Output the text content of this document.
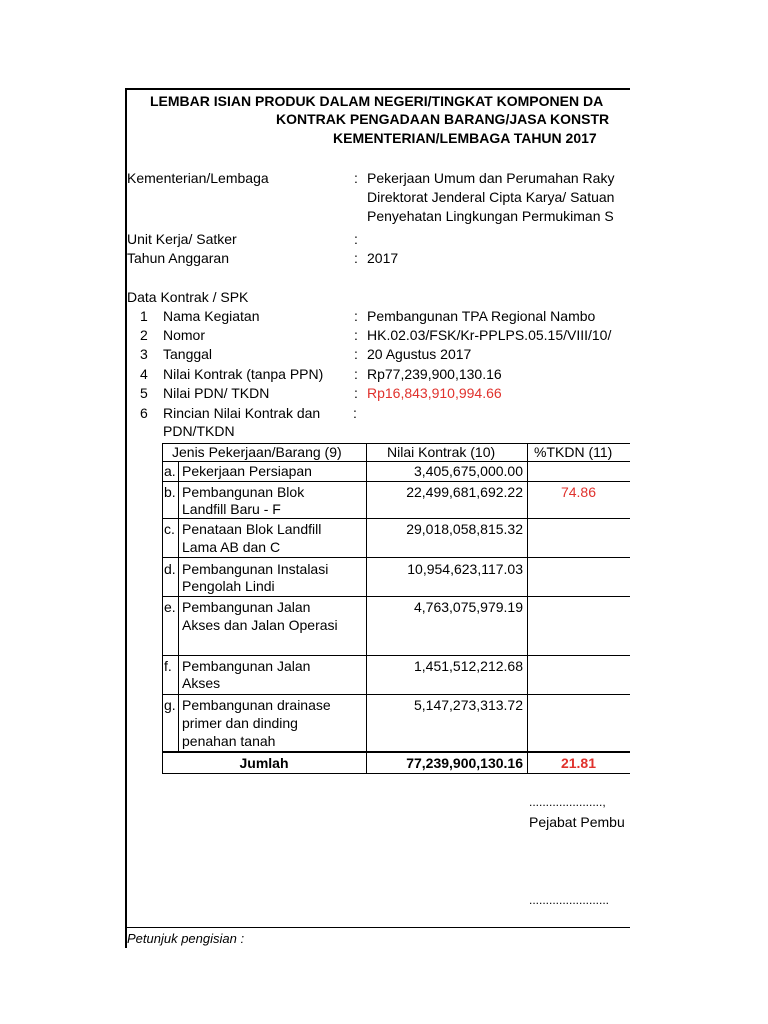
LEMBAR ISIAN PRODUK DALAM NEGERI/TINGKAT KOMPONEN DA
KONTRAK PENGADAAN BARANG/JASA KONSTR
KEMENTERIAN/LEMBAGA TAHUN 2017
Kementerian/Lembaga	: Pekerjaan Umum dan Perumahan Raky
Direktorat Jenderal Cipta Karya/ Satuan
Penyehatan Lingkungan Permukiman S
Unit Kerja/ Satker	:
Tahun Anggaran	: 2017
Data Kontrak / SPK
1 Nama Kegiatan	: Pembangunan TPA Regional Nambo
2 Nomor	: HK.02.03/FSK/Kr-PPLPS.05.15/VIII/10/
3 Tanggal	: 20 Agustus 2017
4 Nilai Kontrak (tanpa PPN) : Rp77,239,900,130.16
5 Nilai PDN/ TKDN	: Rp16,843,910,994.66
6 Rincian Nilai Kontrak dan :
PDN/TKDN
Jenis Pekerjaan/Barang (9)	Nilai Kontrak (10)	%TKDN (11)
a. Pekerjaan Persiapan	3,405,675,000.00
b. Pembangunan Blok
Landfill Baru - F
22,499,681,692.22	74.86
c. Penataan Blok Landfill
Lama AB dan C
29,018,058,815.32
d. Pembangunan Instalasi
Pengolah Lindi
10,954,623,117.03
e. Pembangunan Jalan
Akses dan Jalan Operasi
4,763,075,979.19
f. Pembangunan Jalan
Akses
1,451,512,212.68
g. Pembangunan drainase
primer dan dinding
penahan tanah
5,147,273,313.72
Jumlah	77,239,900,130.16	21.81
......................,
Pejabat Pembu
........................
Petunjuk pengisian :
